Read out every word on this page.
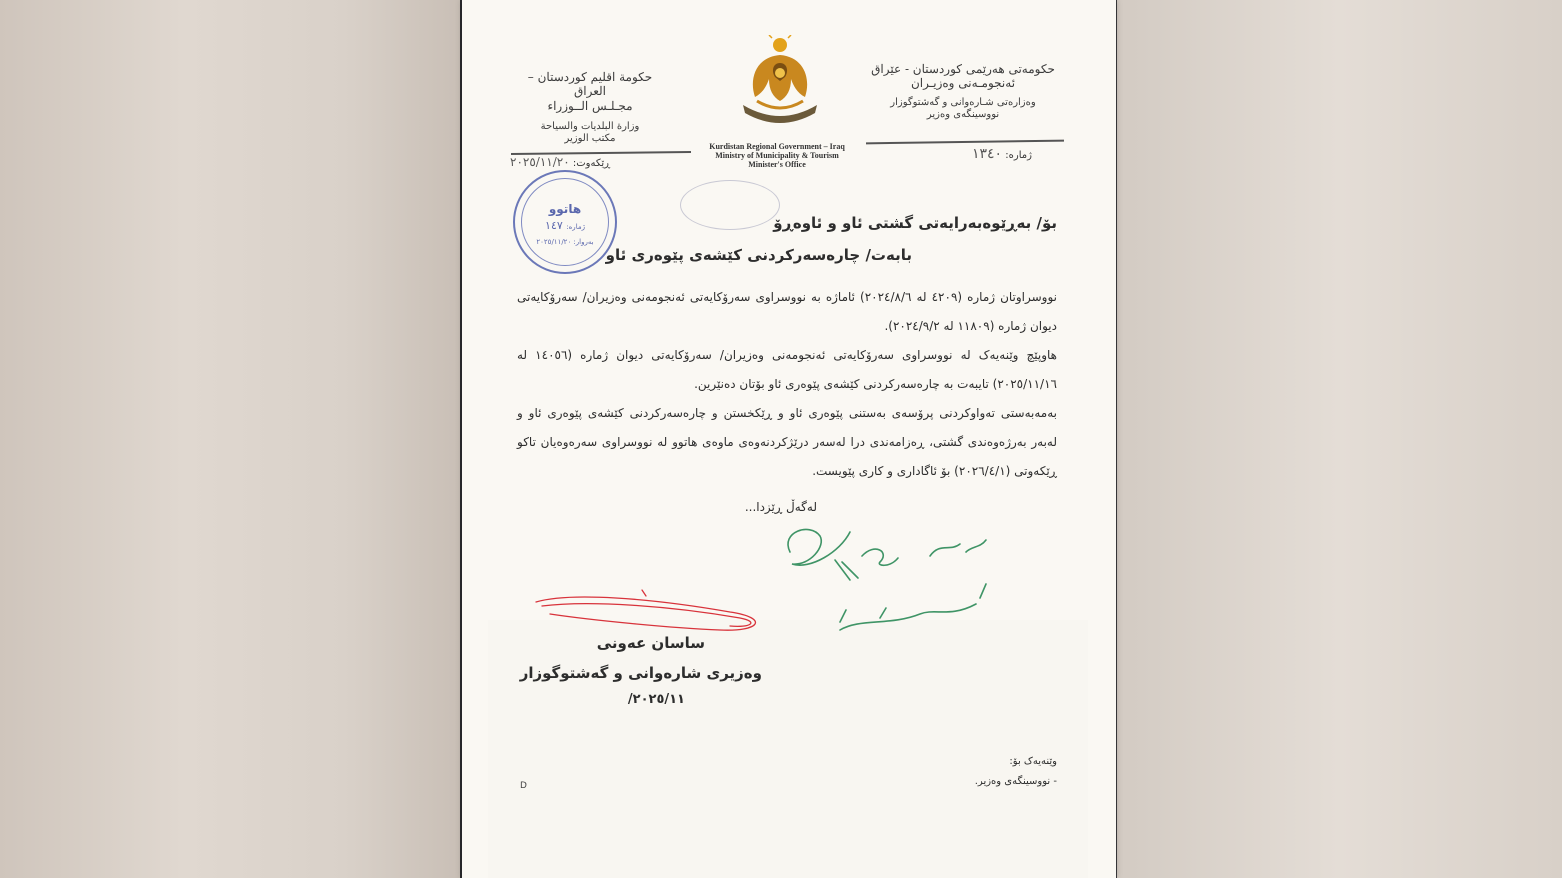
حكومة اقليم كوردستان – العراق
مجـلـس الــوزراء
وزارة البلديات والسياحة
مكتب الوزير
حکومەتی هەرێمی کوردستان - عێراق
ئەنجومـەنی وەزیـران
وەزارەتی شـارەوانی و گەشتوگوزار
نووسینگەی وەزیر
Kurdistan Regional Government – Iraq
Ministry of Municipality & Tourism
Minister's Office
ژمارە: ١٣٤٠
ڕێکەوت: ٢٠٢٥/١١/٢٠
هاتوو
ژمارە: ١٤٧
بەروار: ٢٠٢٥/١١/٢٠
بۆ/ بەڕێوەبەرایەتی گشتی ئاو و ئاوەڕۆ
بابەت/ چارەسەرکردنی کێشەی پێوەری ئاو
نووسراوتان ژمارە (٤٢٠٩ لە ٢٠٢٤/٨/٦) ئاماژە بە نووسراوی سەرۆکایەتی ئەنجومەنی وەزیران/ سەرۆکایەتی دیوان ژمارە (١١٨٠٩ لە ٢٠٢٤/٩/٢).
هاوپێچ وێنەیەک لە نووسراوی سەرۆکایەتی ئەنجومەنی وەزیران/ سەرۆکایەتی دیوان ژمارە (١٤٠٥٦ لە ٢٠٢٥/١١/١٦) تایبەت بە چارەسەرکردنی کێشەی پێوەری ئاو بۆتان دەنێرین.
بەمەبەستی تەواوکردنی پرۆسەی بەستنی پێوەری ئاو و ڕێکخستن و چارەسەرکردنی کێشەی پێوەری ئاو و لەبەر بەرژەوەندی گشتی، ڕەزامەندی درا لەسەر درێژکردنەوەی ماوەی هاتوو لە نووسراوی سەرەوەیان تاکو ڕێکەوتی (٢٠٢٦/٤/١) بۆ ئاگاداری و کاری پێویست.
لەگەڵ ڕێزدا...
ساسان عەونی
وەزیری شارەوانی و گەشتوگوزار
٢٠٢٥/١١/
وێنەیەک بۆ:
- نووسینگەی وەزیر.
D
